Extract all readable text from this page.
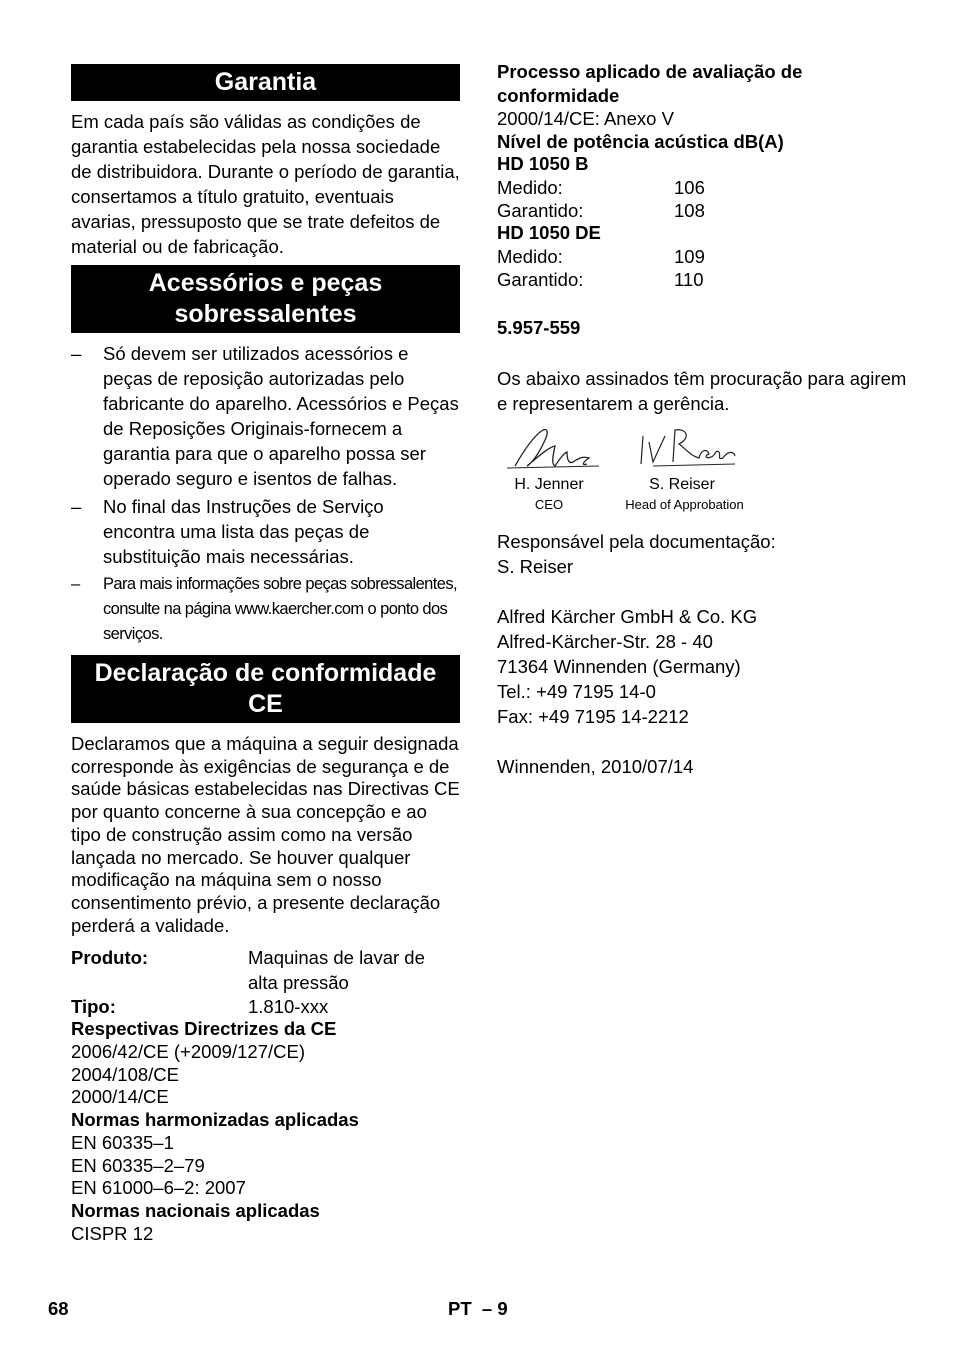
Garantia

Em cada país são válidas as condições de garantia estabelecidas pela nossa sociedade de distribuidora. Durante o período de garantia, consertamos a título gratuito, eventuais avarias, pressuposto que se trate defeitos de material ou de fabricação.

Acessórios e peças
sobressalentes
– Só devem ser utilizados acessórios e peças de reposição autorizadas pelo fabricante do aparelho. Acessórios e Peças de Reposições Originais-fornecem a garantia para que o aparelho possa ser operado seguro e isentos de falhas.
– No final das Instruções de Serviço encontra uma lista das peças de substituição mais necessárias.
– Para mais informações sobre peças sobressalentes, consulte na página www.kaercher.com o ponto dos serviços.
Declaração de conformidade
CE

Declaramos que a máquina a seguir designada corresponde às exigências de segurança e de saúde básicas estabelecidas nas Directivas CE por quanto concerne à sua concepção e ao tipo de construção assim como na versão lançada no mercado. Se houver qualquer modificação na máquina sem o nosso consentimento prévio, a presente declaração perderá a validade.

Produto:	Maquinas de lavar de
alta pressão
Tipo:	1.810-xxx
Respectivas Directrizes da CE
2006/42/CE (+2009/127/CE)
2004/108/CE
2000/14/CE
Normas harmonizadas aplicadas
EN 60335–1
EN 60335–2–79
EN 61000–6–2: 2007
Normas nacionais aplicadas
CISPR 12
Processo aplicado de avaliação de conformidade
2000/14/CE: Anexo V
Nível de potência acústica dB(A)
HD 1050 B
Medido:	106
Garantido:	108
HD 1050 DE
Medido:	109
Garantido:	110
5.957-559

Os abaixo assinados têm procuração para agirem e representarem a gerência.

H. Jenner
CEO
S. Reiser
Head of Approbation
Responsável pela documentação:
S. Reiser
Alfred Kärcher GmbH & Co. KG
Alfred-Kärcher-Str. 28 - 40
71364 Winnenden (Germany)
Tel.: +49 7195 14-0
Fax: +49 7195 14-2212
Winnenden, 2010/07/14
68	PT  – 9
